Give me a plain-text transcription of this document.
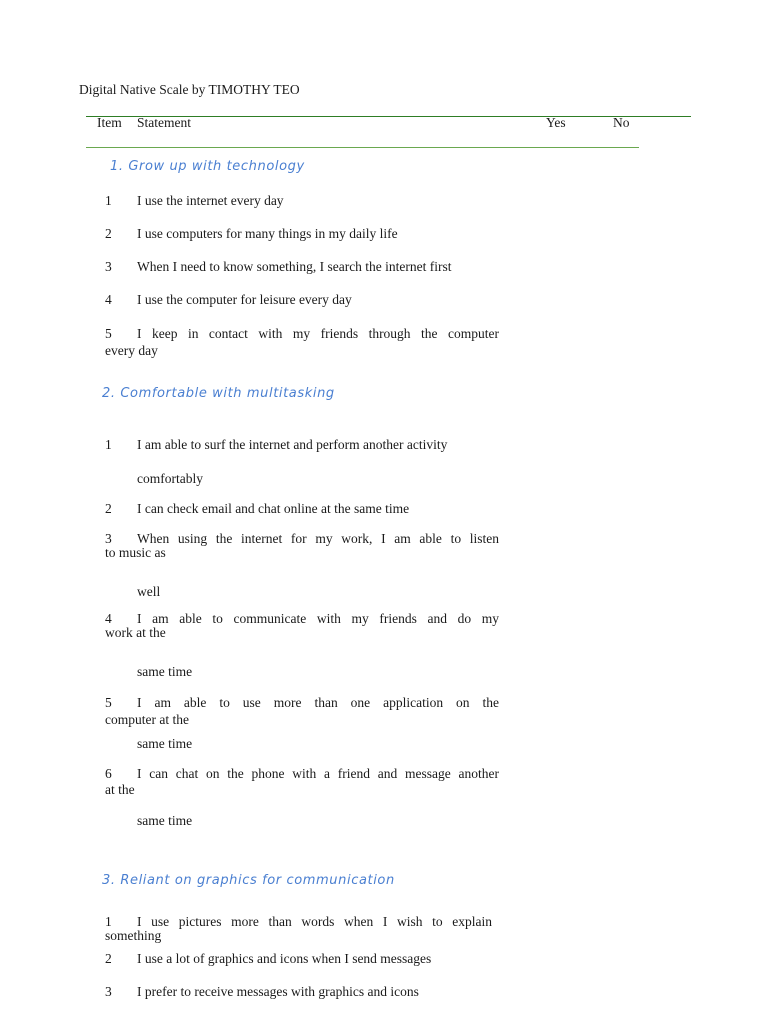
Digital Native Scale by TIMOTHY TEO
Item Statement	Yes	No
1. Grow up with technology
1 I use the internet every day
2 I use computers for many things in my daily life
3 When I need to know something, I search the internet first
4 I use the computer for leisure every day
5 I keep in contact with my friends through the computer
every day
2. Comfortable with multitasking
1 I am able to surf the internet and perform another activity
comfortably
2 I can check email and chat online at the same time
3 When using the internet for my work, I am able to listen
to music as
well
4 I am able to communicate with my friends and do my
work at the
same time
5 I am able to use more than one application on the
computer at the
same time
6 I can chat on the phone with a friend and message another
at the
same time
3. Reliant on graphics for communication
1 I use pictures more than words when I wish to explain
something
2 I use a lot of graphics and icons when I send messages
3 I prefer to receive messages with graphics and icons
